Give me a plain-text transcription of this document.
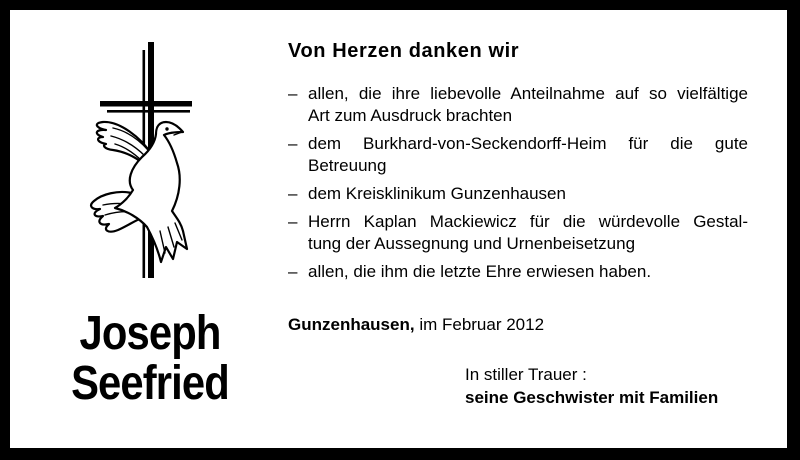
Joseph
Seefried
Von Herzen danken wir
– allen, die ihre liebevolle Anteilnahme auf so vielfältige
Art zum Ausdruck brachten
– dem Burkhard-von-Seckendorff-Heim für die gute
Betreuung
– dem Kreisklinikum Gunzenhausen
– Herrn Kaplan Mackiewicz für die würdevolle Gestal-
tung der Aussegnung und Urnenbeisetzung
– allen, die ihm die letzte Ehre erwiesen haben.

Gunzenhausen, im Februar 2012

In stiller Trauer :
seine Geschwister mit Familien
